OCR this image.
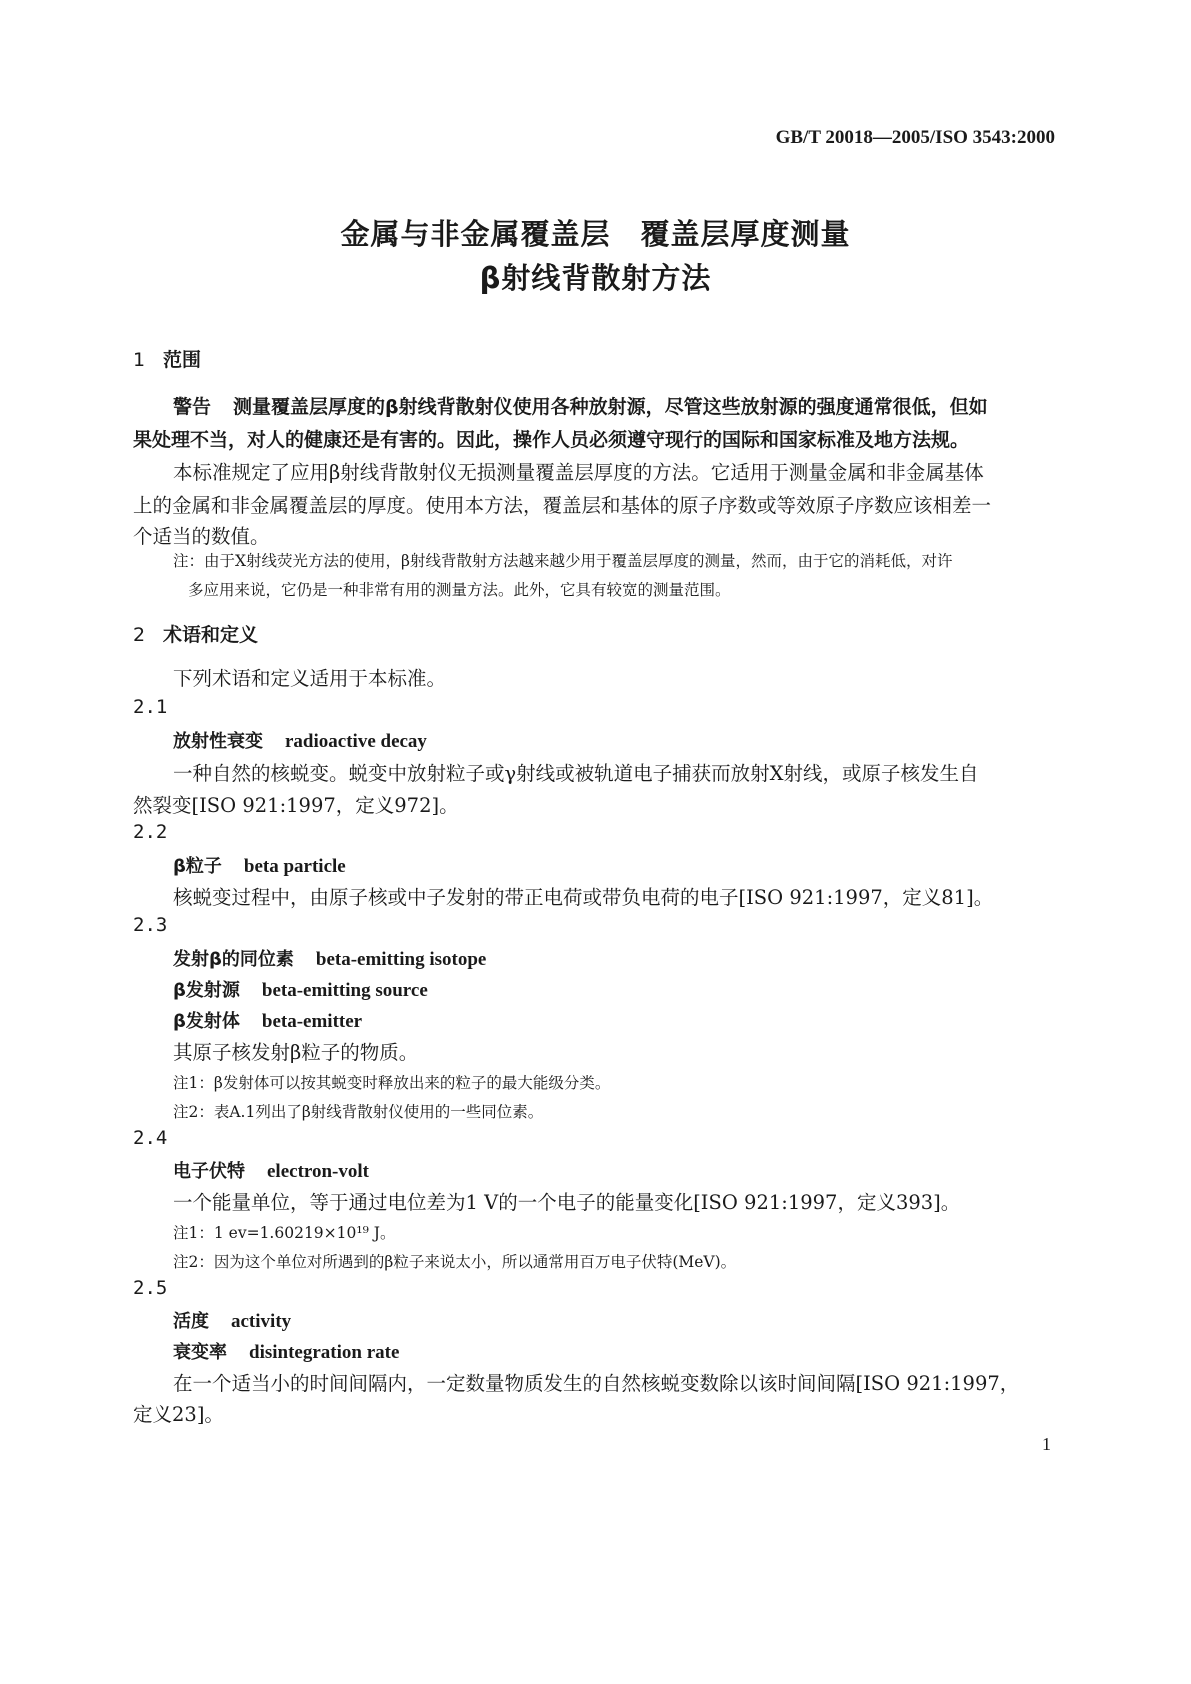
GB/T 20018—2005/ISO 3543:2000
金属与非金属覆盖层　覆盖层厚度测量
β射线背散射方法
1 范围
警告 测量覆盖层厚度的β射线背散射仪使用各种放射源，尽管这些放射源的强度通常很低，但如
果处理不当，对人的健康还是有害的。因此，操作人员必须遵守现行的国际和国家标准及地方法规。
本标准规定了应用β射线背散射仪无损测量覆盖层厚度的方法。它适用于测量金属和非金属基体
上的金属和非金属覆盖层的厚度。使用本方法，覆盖层和基体的原子序数或等效原子序数应该相差一
个适当的数值。
注：由于X射线荧光方法的使用，β射线背散射方法越来越少用于覆盖层厚度的测量，然而，由于它的消耗低，对许
多应用来说，它仍是一种非常有用的测量方法。此外，它具有较宽的测量范围。
2 术语和定义
下列术语和定义适用于本标准。
2.1
放射性衰变 radioactive decay
一种自然的核蜕变。蜕变中放射粒子或γ射线或被轨道电子捕获而放射X射线，或原子核发生自
然裂变[ISO 921:1997，定义972]。
2.2
β粒子 beta particle
核蜕变过程中，由原子核或中子发射的带正电荷或带负电荷的电子[ISO 921:1997，定义81]。
2.3
发射β的同位素 beta-emitting isotope
β发射源 beta-emitting source
β发射体 beta-emitter
其原子核发射β粒子的物质。
注1：β发射体可以按其蜕变时释放出来的粒子的最大能级分类。
注2：表A.1列出了β射线背散射仪使用的一些同位素。
2.4
电子伏特 electron-volt
一个能量单位，等于通过电位差为1 V的一个电子的能量变化[ISO 921:1997，定义393]。
注1：1 ev=1.60219×10¹⁹ J。
注2：因为这个单位对所遇到的β粒子来说太小，所以通常用百万电子伏特(MeV)。
2.5
活度 activity
衰变率 disintegration rate
在一个适当小的时间间隔内，一定数量物质发生的自然核蜕变数除以该时间间隔[ISO 921:1997，
定义23]。
1
